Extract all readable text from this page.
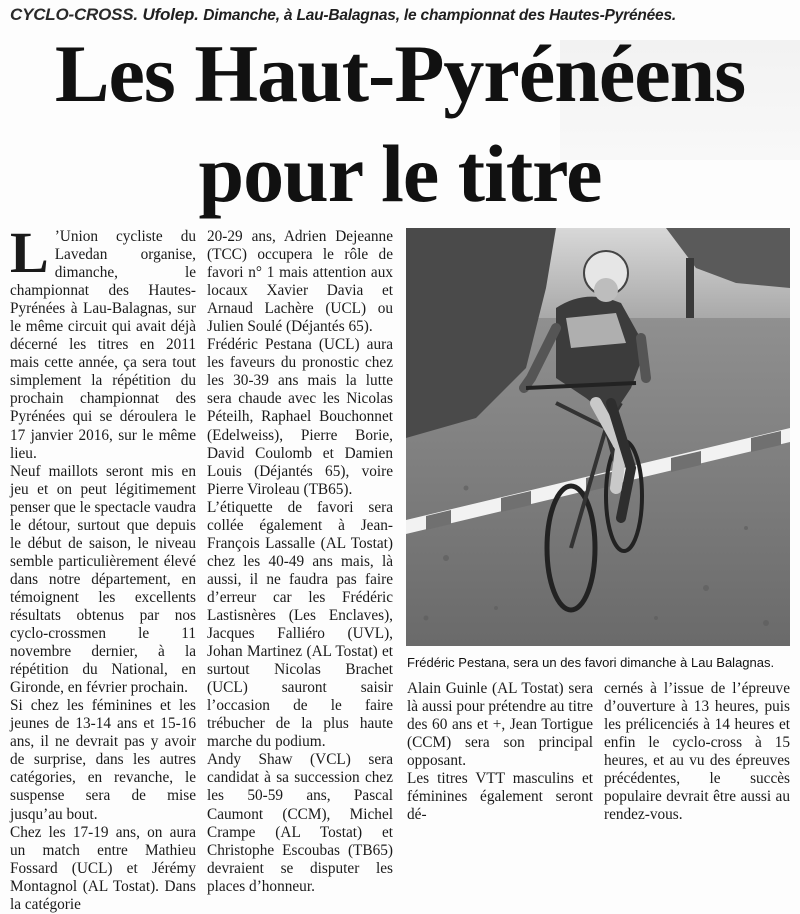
CYCLO-CROSS. Ufolep. Dimanche, à Lau-Balagnas, le championnat des Hautes-Pyrénées.
Les Haut-Pyrénéens
pour le titre

L ’Union cycliste du Lavedan organise, dimanche, le championnat des Hautes-Pyrénées à Lau-Balagnas, sur le même circuit qui avait déjà décerné les titres en 2011 mais cette année, ça sera tout simplement la répétition du prochain championnat des Pyrénées qui se déroulera le 17 janvier 2016, sur le même lieu.

Neuf maillots seront mis en jeu et on peut légitimement penser que le spectacle vaudra le détour, surtout que depuis le début de saison, le niveau semble particulièrement élevé dans notre département, en témoignent les excellents résultats obtenus par nos cyclo-crossmen le 11 novembre dernier, à la répétition du National, en Gironde, en février prochain.

Si chez les féminines et les jeunes de 13-14 ans et 15-16 ans, il ne devrait pas y avoir de surprise, dans les autres catégories, en revanche, le suspense sera de mise jusqu’au bout.

Chez les 17-19 ans, on aura un match entre Mathieu Fossard (UCL) et Jérémy Montagnol (AL Tostat). Dans la catégorie

20-29 ans, Adrien Dejeanne (TCC) occupera le rôle de favori n° 1 mais attention aux locaux Xavier Davia et Arnaud Lachère (UCL) ou Julien Soulé (Déjantés 65).

Frédéric Pestana (UCL) aura les faveurs du pronostic chez les 30-39 ans mais la lutte sera chaude avec les Nicolas Péteilh, Raphael Bouchonnet (Edelweiss), Pierre Borie, David Coulomb et Damien Louis (Déjantés 65), voire Pierre Viroleau (TB65).

L’étiquette de favori sera collée également à Jean-François Lassalle (AL Tostat) chez les 40-49 ans mais, là aussi, il ne faudra pas faire d’erreur car les Frédéric Lastisnères (Les Enclaves), Jacques Falliéro (UVL), Johan Martinez (AL Tostat) et surtout Nicolas Brachet (UCL) sauront saisir l’occasion de le faire trébucher de la plus haute marche du podium.

Andy Shaw (VCL) sera candidat à sa succession chez les 50-59 ans, Pascal Caumont (CCM), Michel Crampe (AL Tostat) et Christophe Escoubas (TB65) devraient se disputer les places d’honneur.

Frédéric Pestana, sera un des favori dimanche à Lau Balagnas.

Alain Guinle (AL Tostat) sera là aussi pour prétendre au titre des 60 ans et +, Jean Tortigue (CCM) sera son principal opposant.

Les titres VTT masculins et féminines également seront dé-

cernés à l’issue de l’épreuve d’ouverture à 13 heures, puis les prélicenciés à 14 heures et enfin le cyclo-cross à 15 heures, et au vu des épreuves précédentes, le succès populaire devrait être aussi au rendez-vous.
